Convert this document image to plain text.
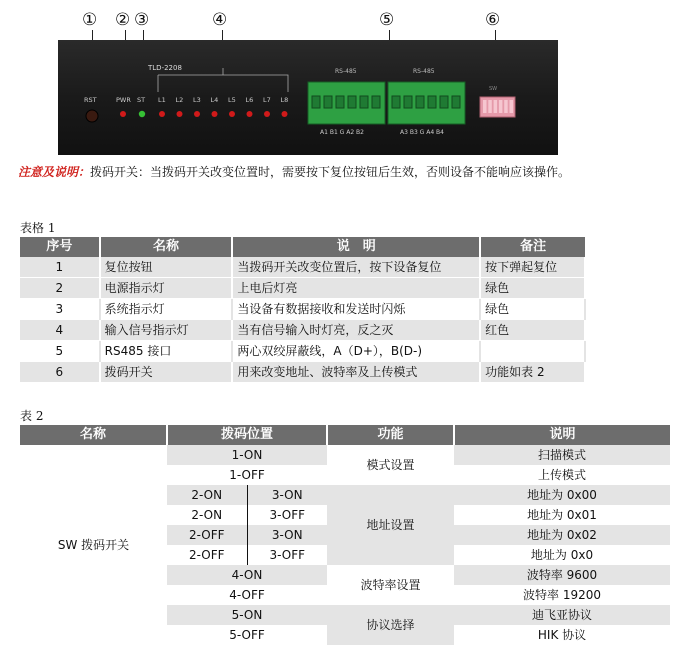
① ② ③	④	⑤	⑥
TLD-2208
RST	PWR ST L1 L2 L3 L4 L5 L6 L7 L8
RS-485	RS-485
A1 B1 G A2 B2	A3 B3 G A4 B4
SW
注意及说明：拨码开关：当拨码开关改变位置时，需要按下复位按钮后生效，否则设备不能响应该操作。
表格 1
序号	名称	说　明	备注
1	复位按钮	当拨码开关改变位置后，按下设备复位	按下弹起复位
2	电源指示灯	上电后灯亮	绿色
3	系统指示灯	当设备有数据接收和发送时闪烁	绿色
4	输入信号指示灯	当有信号输入时灯亮，反之灭	红色
5	RS485 接口	两心双绞屏蔽线，A（D+），B(D-)	
6	拨码开关	用来改变地址、波特率及上传模式	功能如表 2
表 2
名称	拨码位置		功能	说明
SW 拨码开关	1-ON		模式设置	扫描模式
	1-OFF			上传模式
	2-ON	3-ON	地址设置	地址为 0x00
	2-ON	3-OFF		地址为 0x01
	2-OFF	3-ON		地址为 0x02
	2-OFF	3-OFF		地址为 0x0
	4-ON		波特率设置	波特率 9600
	4-OFF			波特率 19200
	5-ON		协议选择	迪飞亚协议
	5-OFF			HIK 协议
